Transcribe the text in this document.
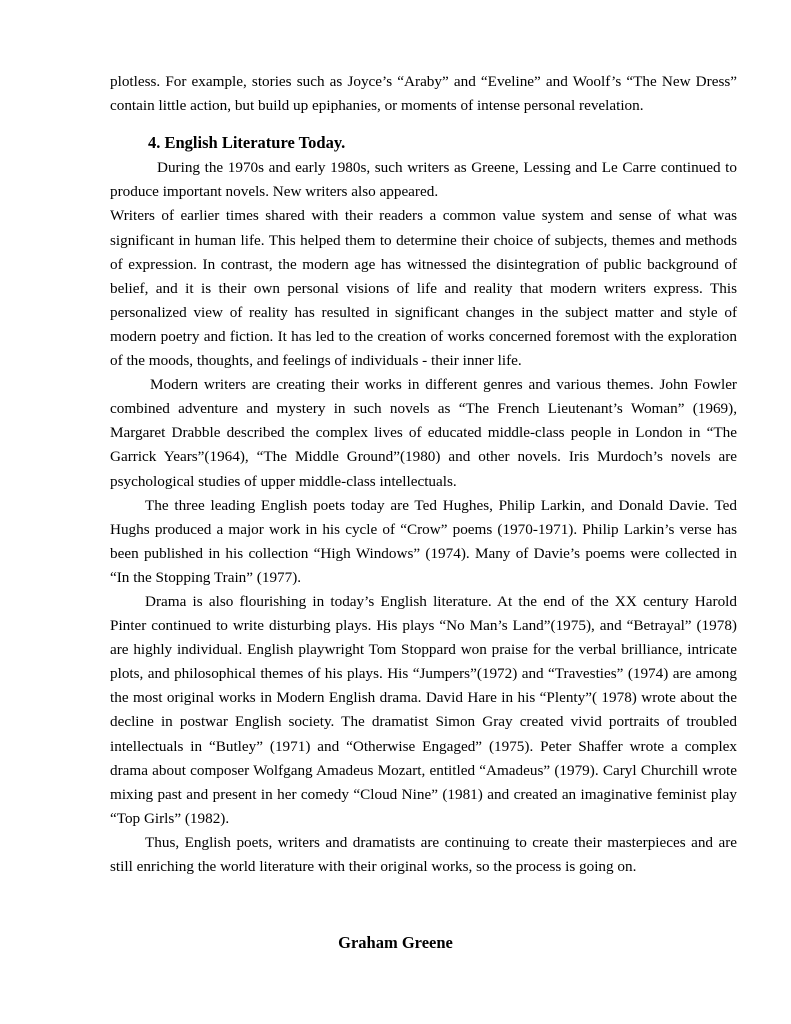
plotless. For example, stories such as Joyce’s “Araby” and “Eveline” and Woolf’s “The New Dress” contain little action, but build up epiphanies, or moments of intense personal revelation.

4. English Literature Today.

During the 1970s and early 1980s, such writers as Greene, Lessing and Le Carre continued to produce important novels. New writers also appeared.

Writers of earlier times shared with their readers a common value system and sense of what was significant in human life. This helped them to determine their choice of subjects, themes and methods of expression. In contrast, the modern age has witnessed the disintegration of public background of belief, and it is their own personal visions of life and reality that modern writers express. This personalized view of reality has resulted in significant changes in the subject matter and style of modern poetry and fiction. It has led to the creation of works concerned foremost with the exploration of the moods, thoughts, and feelings of individuals - their inner life.

Modern writers are creating their works in different genres and various themes. John Fowler combined adventure and mystery in such novels as “The French Lieutenant’s Woman” (1969), Margaret Drabble described the complex lives of educated middle-class people in London in “The Garrick Years”(1964), “The Middle Ground”(1980) and other novels. Iris Murdoch’s novels are psychological studies of upper middle-class intellectuals.

The three leading English poets today are Ted Hughes, Philip Larkin, and Donald Davie. Ted Hughs produced a major work in his cycle of “Crow” poems (1970-1971). Philip Larkin’s verse has been published in his collection “High Windows” (1974). Many of Davie’s poems were collected in “In the Stopping Train” (1977).

Drama is also flourishing in today’s English literature. At the end of the XX century Harold Pinter continued to write disturbing plays. His plays “No Man’s Land”(1975), and “Betrayal” (1978) are highly individual. English playwright Tom Stoppard won praise for the verbal brilliance, intricate plots, and philosophical themes of his plays. His “Jumpers”(1972) and “Travesties” (1974) are among the most original works in Modern English drama. David Hare in his “Plenty”( 1978) wrote about the decline in postwar English society. The dramatist Simon Gray created vivid portraits of troubled intellectuals in “Butley” (1971) and “Otherwise Engaged” (1975). Peter Shaffer wrote a complex drama about composer Wolfgang Amadeus Mozart, entitled “Amadeus” (1979). Caryl Churchill wrote mixing past and present in her comedy “Cloud Nine” (1981) and created an imaginative feminist play “Top Girls” (1982).

Thus, English poets, writers and dramatists are continuing to create their masterpieces and are still enriching the world literature with their original works, so the process is going on.

Graham Greene
